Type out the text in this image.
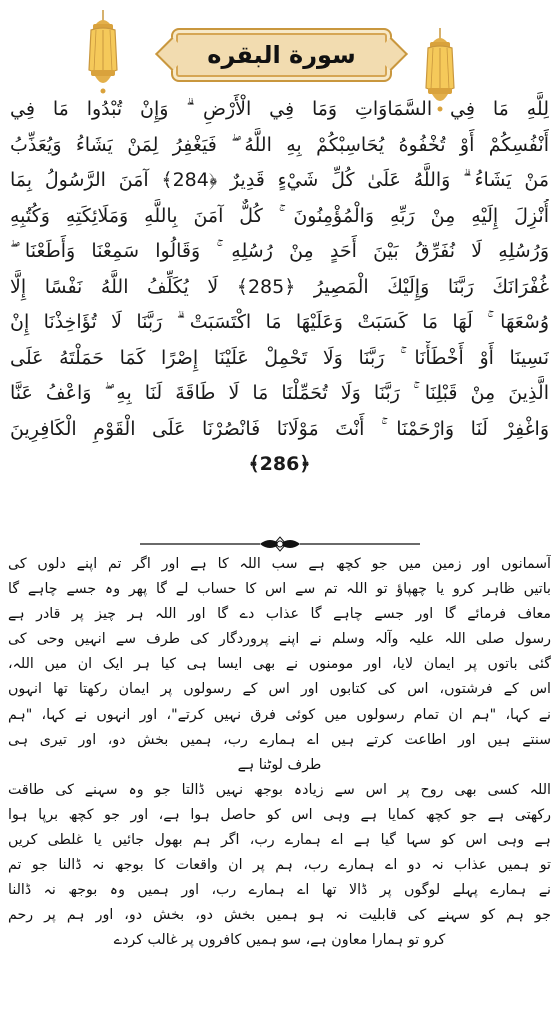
سورة البقره
لِلَّهِ مَا فِي السَّمَاوَاتِ وَمَا فِي الْأَرْضِ ۗ وَإِنْ تُبْدُوا مَا فِي
أَنْفُسِكُمْ أَوْ تُخْفُوهُ يُحَاسِبْكُمْ بِهِ اللَّهُ ۖ فَيَغْفِرُ لِمَنْ يَشَاءُ وَيُعَذِّبُ
مَنْ يَشَاءُ ۗ وَاللَّهُ عَلَىٰ كُلِّ شَيْءٍ قَدِيرٌ ﴿284﴾ آمَنَ الرَّسُولُ بِمَا
أُنْزِلَ إِلَيْهِ مِنْ رَبِّهِ وَالْمُؤْمِنُونَ ۚ كُلٌّ آمَنَ بِاللَّهِ وَمَلَائِكَتِهِ وَكُتُبِهِ
وَرُسُلِهِ لَا نُفَرِّقُ بَيْنَ أَحَدٍ مِنْ رُسُلِهِ ۚ وَقَالُوا سَمِعْنَا وَأَطَعْنَا ۖ
غُفْرَانَكَ رَبَّنَا وَإِلَيْكَ الْمَصِيرُ ﴿285﴾ لَا يُكَلِّفُ اللَّهُ نَفْسًا إِلَّا
وُسْعَهَا ۚ لَهَا مَا كَسَبَتْ وَعَلَيْهَا مَا اكْتَسَبَتْ ۗ رَبَّنَا لَا تُؤَاخِذْنَا إِنْ
نَسِينَا أَوْ أَخْطَأْنَا ۚ رَبَّنَا وَلَا تَحْمِلْ عَلَيْنَا إِصْرًا كَمَا حَمَلْتَهُ عَلَى
الَّذِينَ مِنْ قَبْلِنَا ۚ رَبَّنَا وَلَا تُحَمِّلْنَا مَا لَا طَاقَةَ لَنَا بِهِ ۖ وَاعْفُ عَنَّا
وَاغْفِرْ لَنَا وَارْحَمْنَا ۚ أَنْتَ مَوْلَانَا فَانْصُرْنَا عَلَى الْقَوْمِ الْكَافِرِينَ
﴿286﴾
آسمانوں اور زمین میں جو کچھ ہے سب اللہ کا ہے اور اگر تم اپنے دلوں کی
باتیں ظاہر کرو یا چھپاؤ تو اللہ تم سے اس کا حساب لے گا پھر وہ جسے چاہے گا
معاف فرمائے گا اور جسے چاہے گا عذاب دے گا اور اللہ ہر چیز پر قادر ہے
رسول صلی اللہ علیہ وآلہ وسلم نے اپنے پروردگار کی طرف سے انہیں وحی کی
گئی باتوں پر ایمان لایا، اور مومنوں نے بھی ایسا ہی کیا ہر ایک ان میں اللہ،
اس کے فرشتوں، اس کی کتابوں اور اس کے رسولوں پر ایمان رکھتا تھا انہوں
نے کہا، "ہم ان تمام رسولوں میں کوئی فرق نہیں کرتے"، اور انہوں نے کہا، "ہم
سنتے ہیں اور اطاعت کرتے ہیں اے ہمارے رب، ہمیں بخش دو، اور تیری ہی
طرف لوٹنا ہے
اللہ کسی بھی روح پر اس سے زیادہ بوجھ نہیں ڈالتا جو وہ سہنے کی طاقت
رکھتی ہے جو کچھ کمایا ہے وہی اس کو حاصل ہوا ہے، اور جو کچھ برپا ہوا
ہے وہی اس کو سہا گیا ہے اے ہمارے رب، اگر ہم بھول جائیں یا غلطی کریں
تو ہمیں عذاب نہ دو اے ہمارے رب، ہم پر ان واقعات کا بوجھ نہ ڈالنا جو تم
نے ہمارے پہلے لوگوں پر ڈالا تھا اے ہمارے رب، اور ہمیں وہ بوجھ نہ ڈالنا
جو ہم کو سہنے کی قابلیت نہ ہو ہمیں بخش دو، بخش دو، اور ہم پر رحم
کرو تو ہمارا معاون ہے، سو ہمیں کافروں پر غالب کردے
